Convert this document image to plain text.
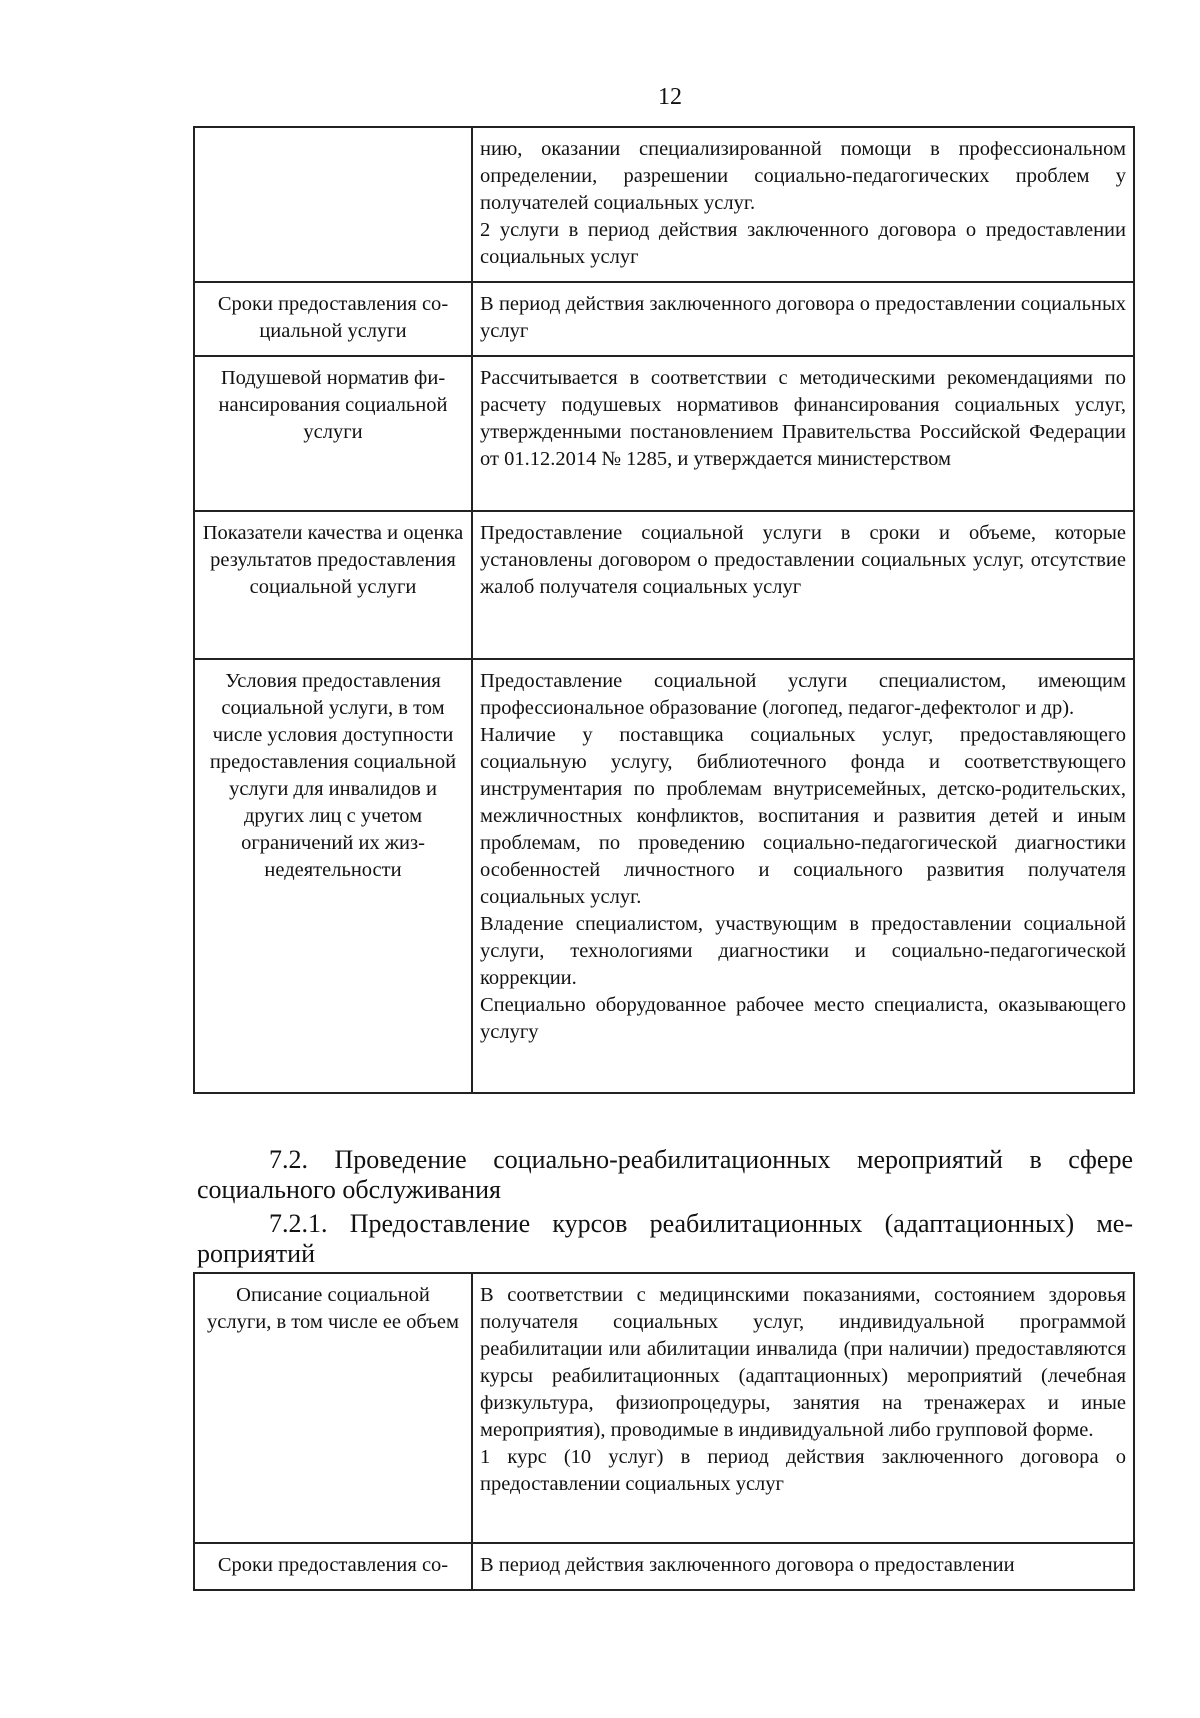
12

	нию, оказании специализированной помощи в профессиональном определении, разрешении социально-педагогических проблем у получателей социальных услуг.
2 услуги в период действия заключенного договора о предоставлении социальных услуг

Сроки предоставления социальной услуги	В период действия заключенного договора о предоставлении социальных услуг

Подушевой норматив финансирования социальной услуги	Рассчитывается в соответствии с методическими рекомендациями по расчету подушевых нормативов финансирования социальных услуг, утвержденными постановлением Правительства Российской Федерации от 01.12.2014 № 1285, и утверждается министерством

Показатели качества и оценка результатов предоставления социальной услуги	Предоставление социальной услуги в сроки и объеме, которые установлены договором о предоставлении социальных услуг, отсутствие жалоб получателя социальных услуг

Условия предоставления социальной услуги, в том числе условия доступности предоставления социальной услуги для инвалидов и других лиц с учетом ограничений их жизнедеятельности	Предоставление социальной услуги специалистом, имеющим профессиональное образование (логопед, педагог-дефектолог и др).
Наличие у поставщика социальных услуг, предоставляющего социальную услугу, библиотечного фонда и соответствующего инструментария по проблемам внутрисемейных, детско-родительских, межличностных конфликтов, воспитания и развития детей и иным проблемам, по проведению социально-педагогической диагностики особенностей личностного и социального развития получателя социальных услуг.
Владение специалистом, участвующим в предоставлении социальной услуги, технологиями диагностики и социально-педагогической коррекции.
Специально оборудованное рабочее место специалиста, оказывающего услугу
7.2. Проведение социально-реабилитационных мероприятий в сфере социального обслуживания
7.2.1. Предоставление курсов реабилитационных (адаптационных) мероприятий
Описание социальной услуги, в том числе ее объем	В соответствии с медицинскими показаниями, состоянием здоровья получателя социальных услуг, индивидуальной программой реабилитации или абилитации инвалида (при наличии) предоставляются курсы реабилитационных (адаптационных) мероприятий (лечебная физкультура, физиопроцедуры, занятия на тренажерах и иные мероприятия), проводимые в индивидуальной либо групповой форме.
1 курс (10 услуг) в период действия заключенного договора о предоставлении социальных услуг

Сроки предоставления со-	В период действия заключенного договора о предоставлении
